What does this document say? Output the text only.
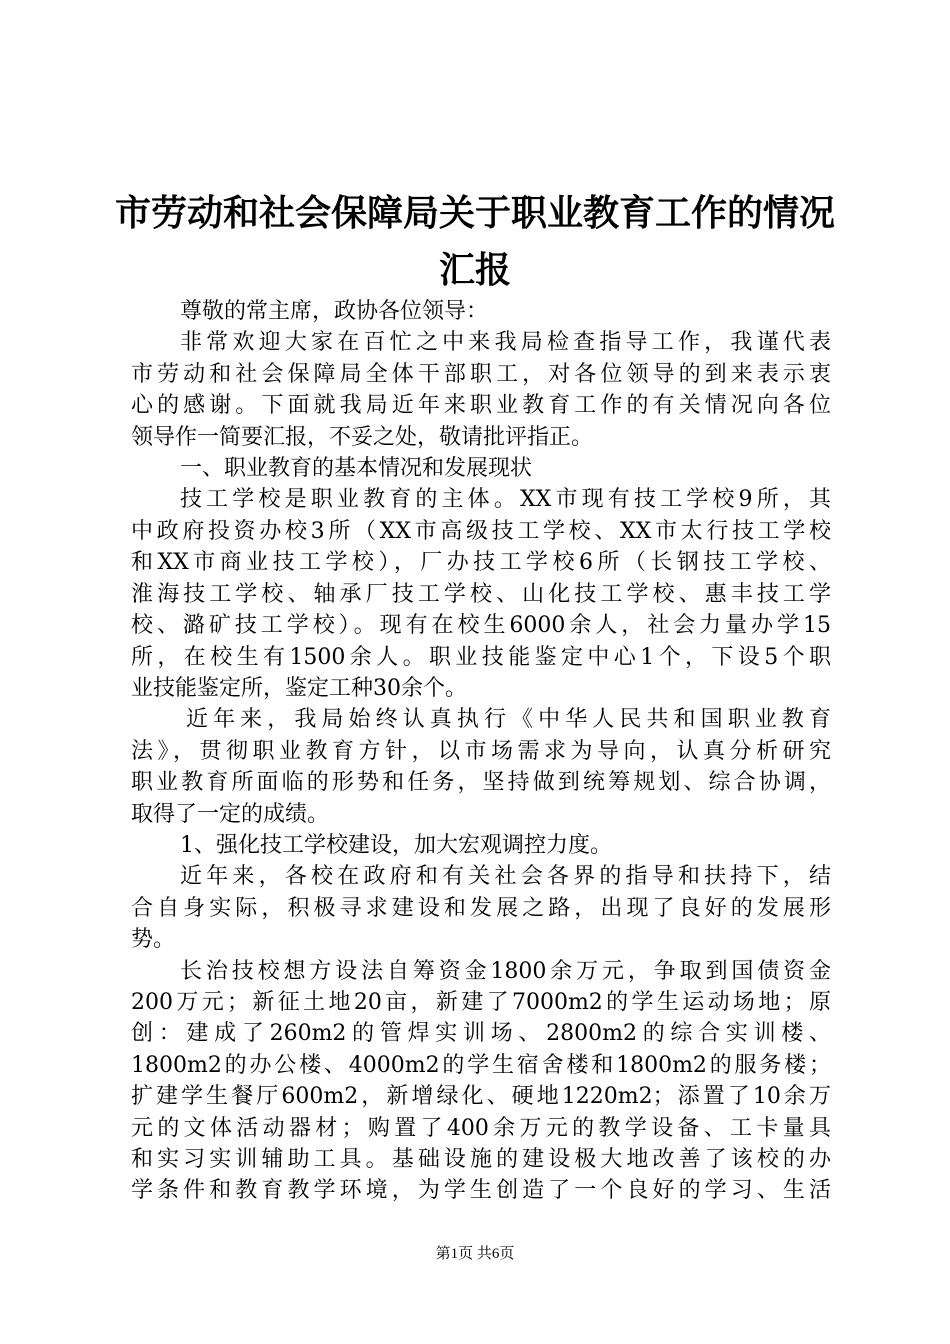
市劳动和社会保障局关于职业教育工作的情况
汇报
尊敬的常主席，政协各位领导：
非常欢迎大家在百忙之中来我局检查指导工作，我谨代表
市劳动和社会保障局全体干部职工，对各位领导的到来表示衷
心的感谢。下面就我局近年来职业教育工作的有关情况向各位
领导作一简要汇报，不妥之处，敬请批评指正。
一、职业教育的基本情况和发展现状
技工学校是职业教育的主体。XX市现有技工学校9所，其
中政府投资办校3所（XX市高级技工学校、XX市太行技工学校
和XX市商业技工学校），厂办技工学校6所（长钢技工学校、
淮海技工学校、轴承厂技工学校、山化技工学校、惠丰技工学
校、潞矿技工学校）。现有在校生6000余人，社会力量办学15
所，在校生有1500余人。职业技能鉴定中心1个，下设5个职
业技能鉴定所，鉴定工种30余个。
近年来，我局始终认真执行《中华人民共和国职业教育
法》，贯彻职业教育方针，以市场需求为导向，认真分析研究
职业教育所面临的形势和任务，坚持做到统筹规划、综合协调，
取得了一定的成绩。
1、强化技工学校建设，加大宏观调控力度。
近年来，各校在政府和有关社会各界的指导和扶持下，结
合自身实际，积极寻求建设和发展之路，出现了良好的发展形
势。
长治技校想方设法自筹资金1800余万元，争取到国债资金
200万元；新征土地20亩，新建了7000m2的学生运动场地；原
创：建成了260m2的管焊实训场、2800m2的综合实训楼、
1800m2的办公楼、4000m2的学生宿舍楼和1800m2的服务楼；
扩建学生餐厅600m2，新增绿化、硬地1220m2；添置了10余万
元的文体活动器材；购置了400余万元的教学设备、工卡量具
和实习实训辅助工具。基础设施的建设极大地改善了该校的办
学条件和教育教学环境，为学生创造了一个良好的学习、生活
第1页 共6页
